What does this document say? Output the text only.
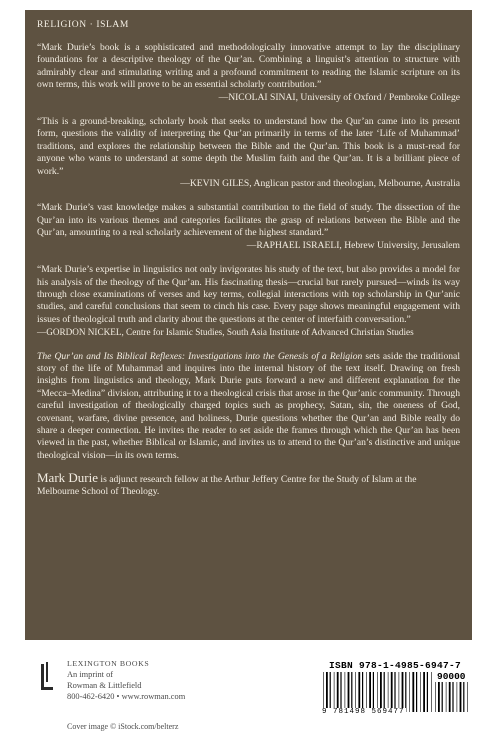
RELIGION · ISLAM
“Mark Durie’s book is a sophisticated and methodologically innovative attempt to lay the disciplinary foundations for a descriptive theology of the Qur’an. Combining a linguist’s attention to structure with admirably clear and stimulating writing and a profound commitment to reading the Islamic scripture on its own terms, this work will prove to be an essential scholarly contribution.”
—NICOLAI SINAI, University of Oxford / Pembroke College
“This is a ground-breaking, scholarly book that seeks to understand how the Qur’an came into its present form, questions the validity of interpreting the Qur’an primarily in terms of the later ‘Life of Muhammad’ traditions, and explores the relationship between the Bible and the Qur’an. This book is a must-read for anyone who wants to understand at some depth the Muslim faith and the Qur’an. It is a brilliant piece of work.”
—KEVIN GILES, Anglican pastor and theologian, Melbourne, Australia
“Mark Durie’s vast knowledge makes a substantial contribution to the field of study. The dissection of the Qur’an into its various themes and categories facilitates the grasp of relations between the Bible and the Qur’an, amounting to a real scholarly achievement of the highest standard.”
—RAPHAEL ISRAELI, Hebrew University, Jerusalem
“Mark Durie’s expertise in linguistics not only invigorates his study of the text, but also provides a model for his analysis of the theology of the Qur’an. His fascinating thesis—crucial but rarely pursued—winds its way through close examinations of verses and key terms, collegial interactions with top scholarship in Qur’anic studies, and careful conclusions that seem to cinch his case. Every page shows meaningful engagement with issues of theological truth and clarity about the questions at the center of interfaith conversation.”
—GORDON NICKEL, Centre for Islamic Studies, South Asia Institute of Advanced Christian Studies

The Qur’an and Its Biblical Reflexes: Investigations into the Genesis of a Religion sets aside the traditional story of the life of Muhammad and inquires into the internal history of the text itself. Drawing on fresh insights from linguistics and theology, Mark Durie puts forward a new and different explanation for the “Mecca–Medina” division, attributing it to a theological crisis that arose in the Qur’anic community. Through careful investigation of theologically charged topics such as prophecy, Satan, sin, the oneness of God, covenant, warfare, divine presence, and holiness, Durie questions whether the Qur’an and Bible really do share a deeper connection. He invites the reader to set aside the frames through which the Qur’an has been viewed in the past, whether Biblical or Islamic, and invites us to attend to the Qur’an’s distinctive and unique theological vision—in its own terms.

Mark Durie is adjunct research fellow at the Arthur Jeffery Centre for the Study of Islam at the Melbourne School of Theology.

LEXINGTON BOOKS
An imprint of
Rowman & Littlefield
800-462-6420 • www.rowman.com
Cover image © iStock.com/belterz
ISBN 978-1-4985-6947-7
90000
9 781498 569477
